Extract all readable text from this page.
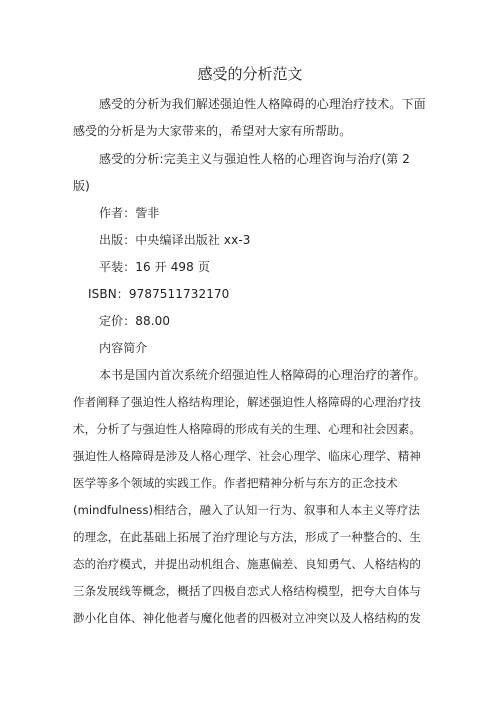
感受的分析范文
感受的分析为我们解述强迫性人格障碍的心理治疗技术。下面
感受的分析是为大家带来的，希望对大家有所帮助。
感受的分析:完美主义与强迫性人格的心理咨询与治疗(第 2
版)
作者：訾非
出版：中央编译出版社 xx-3
平装：16 开 498 页
ISBN：9787511732170
定价：88.00
内容简介
本书是国内首次系统介绍强迫性人格障碍的心理治疗的著作。
作者阐释了强迫性人格结构理论，解述强迫性人格障碍的心理治疗技
术，分析了与强迫性人格障碍的形成有关的生理、心理和社会因素。
强迫性人格障碍是涉及人格心理学、社会心理学、临床心理学、精神
医学等多个领域的实践工作。作者把精神分析与东方的正念技术
(mindfulness)相结合，融入了认知一行为、叙事和人本主义等疗法
的理念，在此基础上拓展了治疗理论与方法，形成了一种整合的、生
态的治疗模式，并提出动机组合、施惠偏差、良知勇气、人格结构的
三条发展线等概念，概括了四极自恋式人格结构模型，把夸大自体与
渺小化自体、神化他者与魔化他者的四极对立冲突以及人格结构的发
